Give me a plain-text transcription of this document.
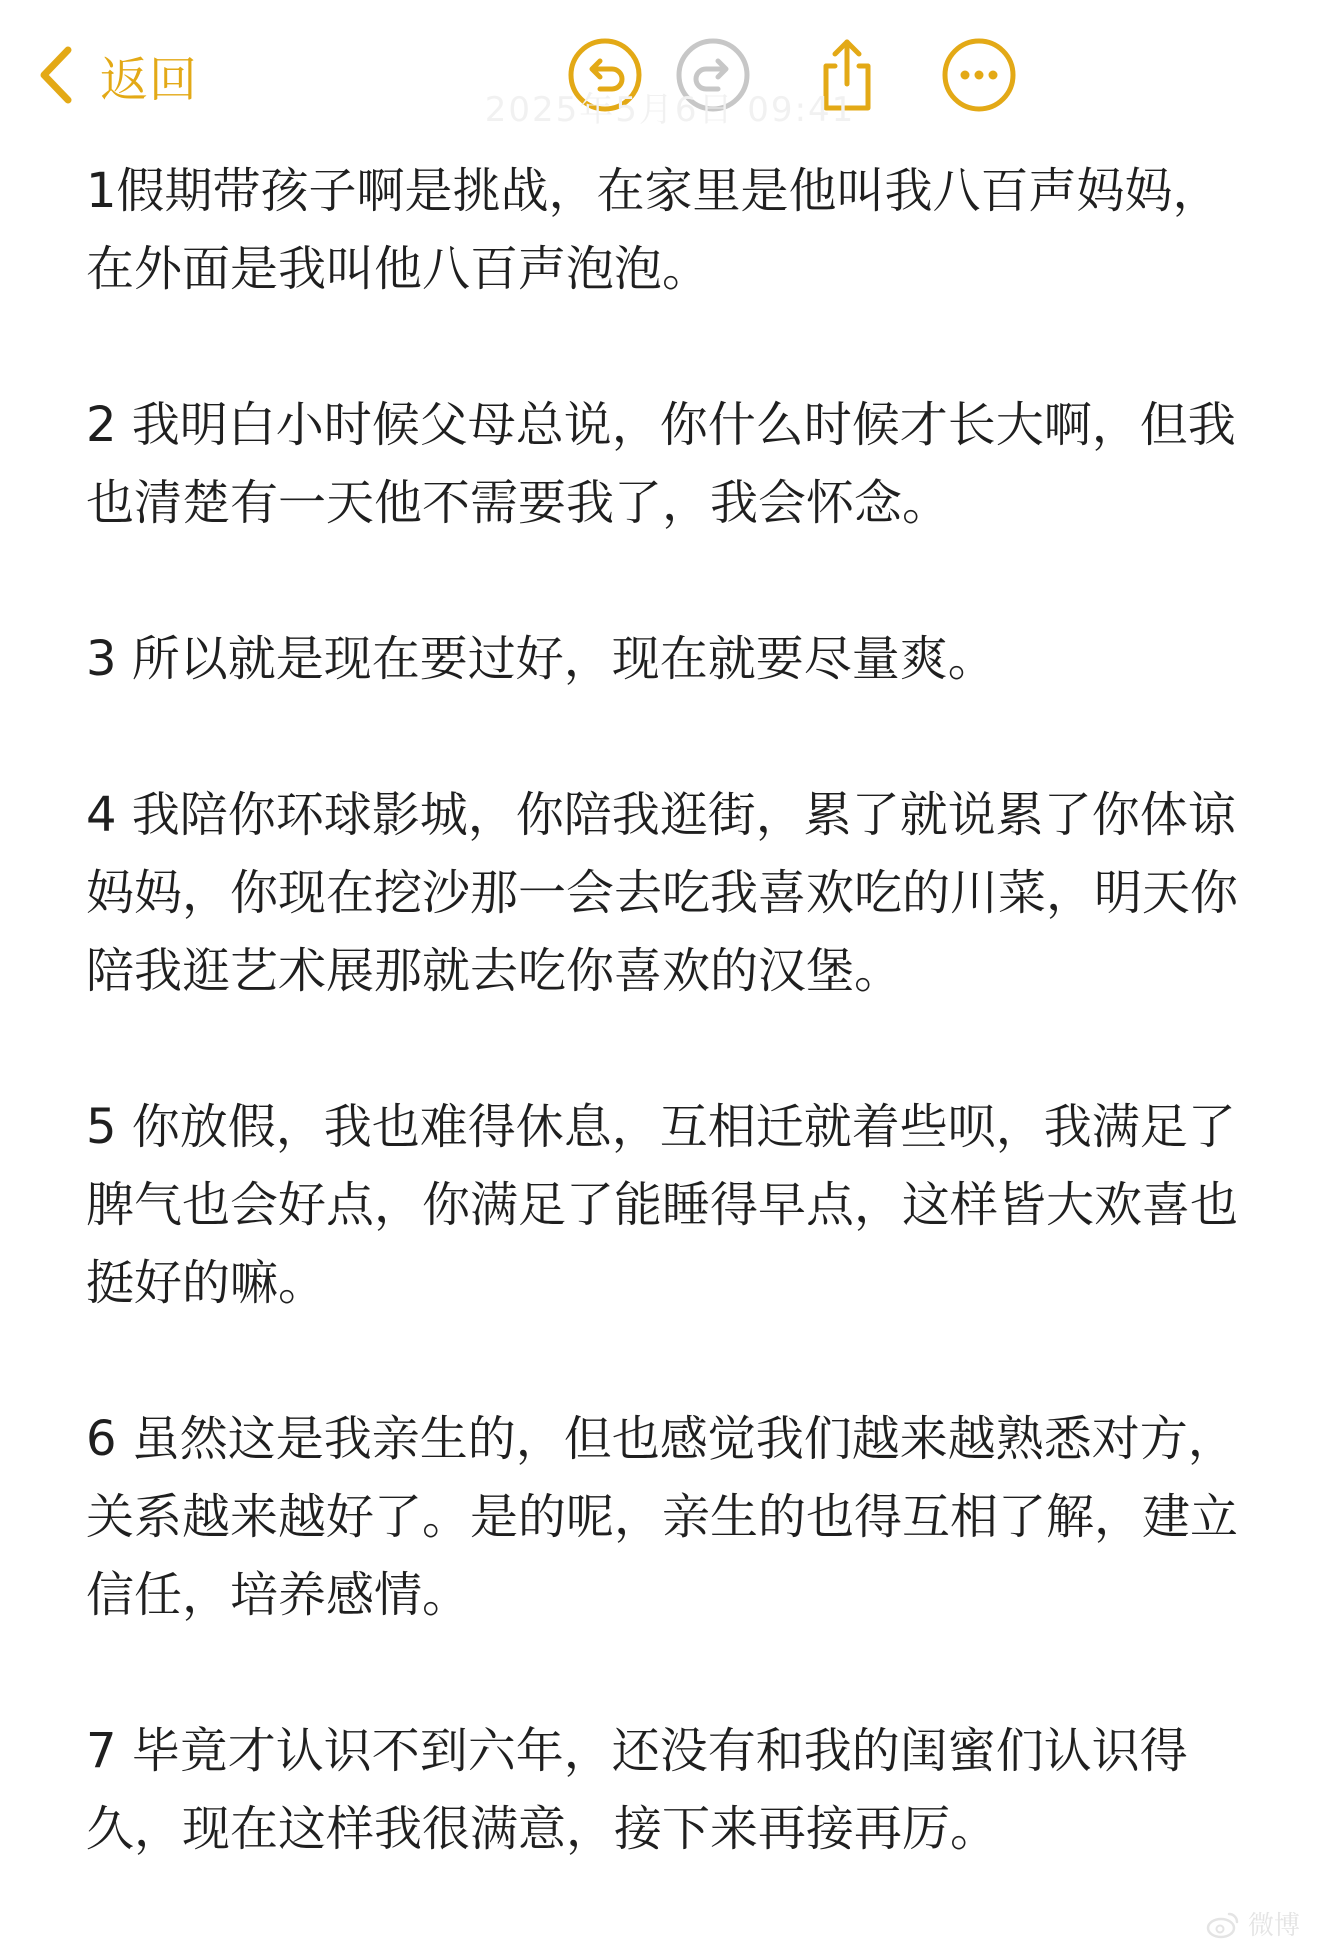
返回
2025年5月6日 09:41

1假期带孩子啊是挑战，在家里是他叫我八百声妈妈，在外面是我叫他八百声泡泡。

2 我明白小时候父母总说，你什么时候才长大啊，但我也清楚有一天他不需要我了，我会怀念。

3 所以就是现在要过好，现在就要尽量爽。

4 我陪你环球影城，你陪我逛街，累了就说累了你体谅妈妈，你现在挖沙那一会去吃我喜欢吃的川菜，明天你陪我逛艺术展那就去吃你喜欢的汉堡。

5 你放假，我也难得休息，互相迁就着些呗，我满足了脾气也会好点，你满足了能睡得早点，这样皆大欢喜也挺好的嘛。

6 虽然这是我亲生的，但也感觉我们越来越熟悉对方，关系越来越好了。是的呢，亲生的也得互相了解，建立信任，培养感情。

7 毕竟才认识不到六年，还没有和我的闺蜜们认识得久，现在这样我很满意，接下来再接再厉。

微博
